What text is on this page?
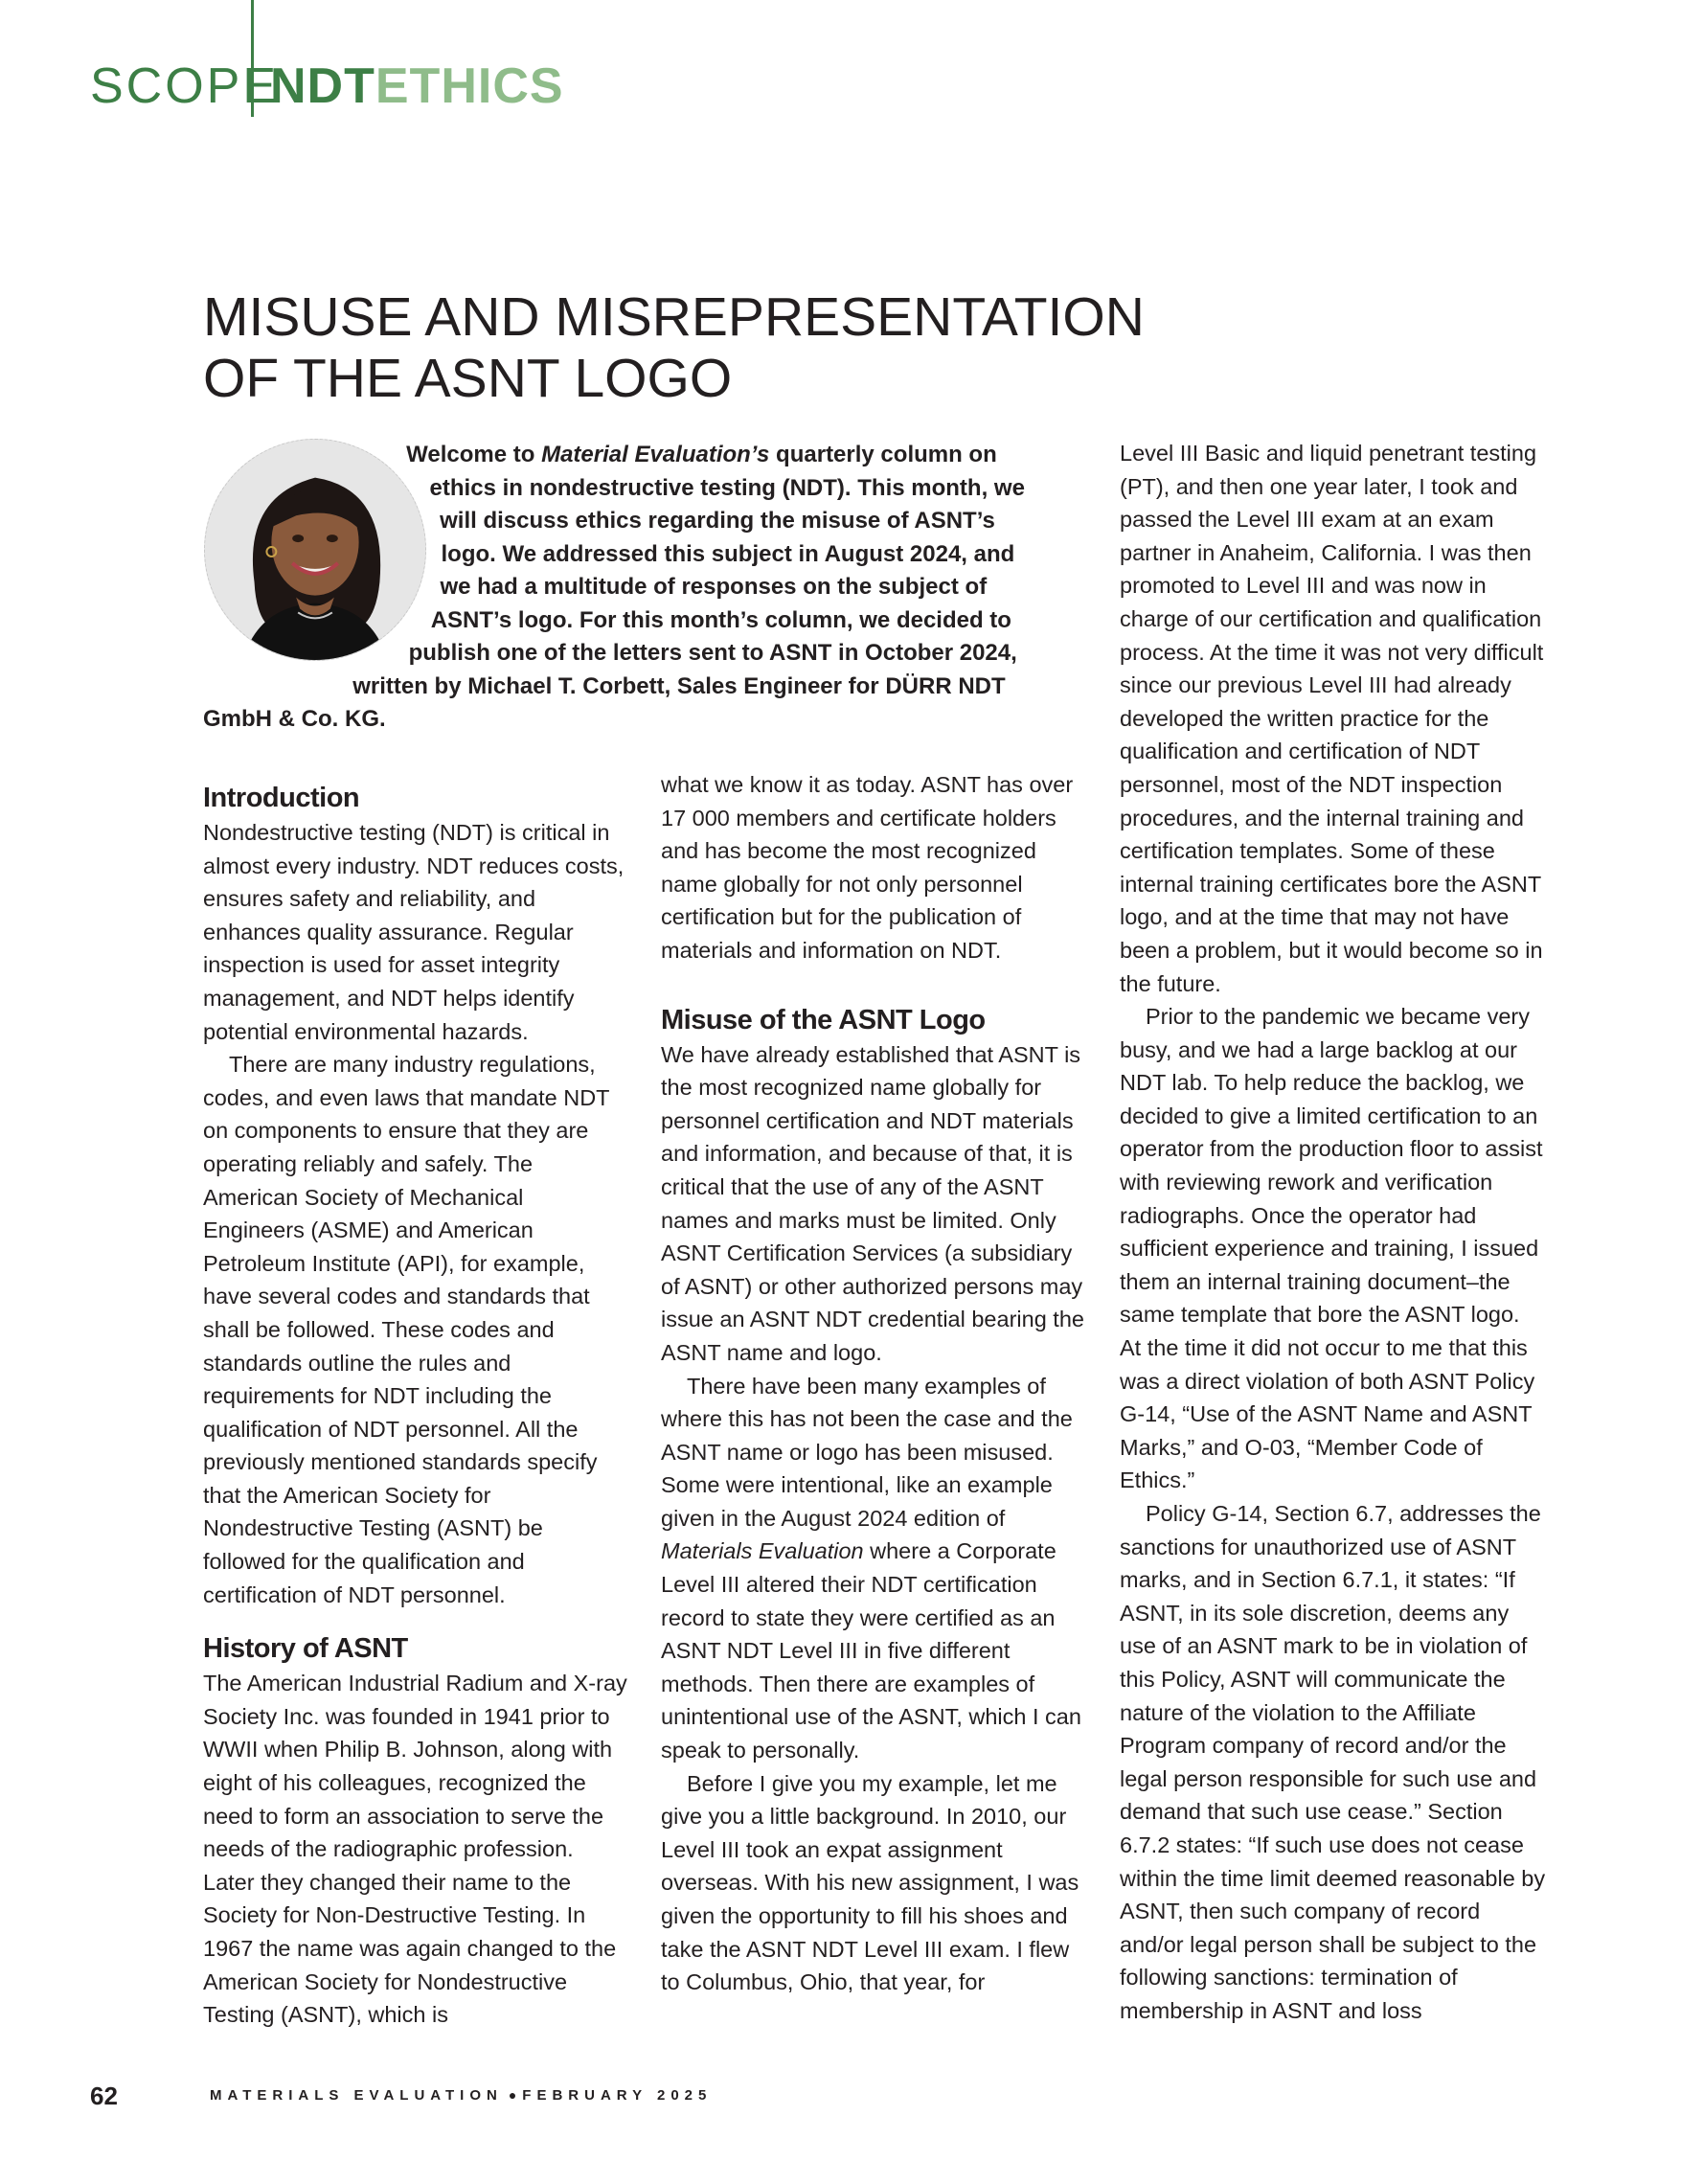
SCOPE
NDTETHICS
MISUSE AND MISREPRESENTATION
OF THE ASNT LOGO
Welcome to Material Evaluation’s quarterly column on ethics in nondestructive testing (NDT). This month, we will discuss ethics regarding the misuse of ASNT’s logo. We addressed this subject in August 2024, and we had a multitude of responses on the subject of ASNT’s logo. For this month’s column, we decided to publish one of the letters sent to ASNT in October 2024, written by Michael T. Corbett, Sales Engineer for DÜRR NDT GmbH & Co. KG.
Introduction

Nondestructive testing (NDT) is critical in almost every industry. NDT reduces costs, ensures safety and reliability, and enhances quality assurance. Regular inspection is used for asset integrity management, and NDT helps identify potential environmental hazards.

There are many industry regulations, codes, and even laws that mandate NDT on components to ensure that they are operating reliably and safely. The American Society of Mechanical Engineers (ASME) and American Petroleum Institute (API), for example, have several codes and standards that shall be followed. These codes and standards outline the rules and requirements for NDT including the qualification of NDT personnel. All the previously mentioned standards specify that the American Society for Nondestructive Testing (ASNT) be followed for the qualification and certification of NDT personnel.

History of ASNT

The American Industrial Radium and X-ray Society Inc. was founded in 1941 prior to WWII when Philip B. Johnson, along with eight of his colleagues, recognized the need to form an association to serve the needs of the radiographic profession. Later they changed their name to the Society for Non-Destructive Testing. In 1967 the name was again changed to the American Society for Nondestructive Testing (ASNT), which is

what we know it as today. ASNT has over 17 000 members and certificate holders and has become the most recognized name globally for not only personnel certification but for the publication of materials and information on NDT.

Misuse of the ASNT Logo

We have already established that ASNT is the most recognized name globally for personnel certification and NDT materials and information, and because of that, it is critical that the use of any of the ASNT names and marks must be limited. Only ASNT Certification Services (a subsidiary of ASNT) or other authorized persons may issue an ASNT NDT credential bearing the ASNT name and logo.

There have been many examples of where this has not been the case and the ASNT name or logo has been misused. Some were intentional, like an example given in the August 2024 edition of Materials Evaluation where a Corporate Level III altered their NDT certification record to state they were certified as an ASNT NDT Level III in five different methods. Then there are examples of unintentional use of the ASNT, which I can speak to personally.

Before I give you my example, let me give you a little background. In 2010, our Level III took an expat assignment overseas. With his new assignment, I was given the opportunity to fill his shoes and take the ASNT NDT Level III exam. I flew to Columbus, Ohio, that year, for

Level III Basic and liquid penetrant testing (PT), and then one year later, I took and passed the Level III exam at an exam partner in Anaheim, California. I was then promoted to Level III and was now in charge of our certification and qualification process. At the time it was not very difficult since our previous Level III had already developed the written practice for the qualification and certification of NDT personnel, most of the NDT inspection procedures, and the internal training and certification templates. Some of these internal training certificates bore the ASNT logo, and at the time that may not have been a problem, but it would become so in the future.

Prior to the pandemic we became very busy, and we had a large backlog at our NDT lab. To help reduce the backlog, we decided to give a limited certification to an operator from the production floor to assist with reviewing rework and verification radiographs. Once the operator had sufficient experience and training, I issued them an internal training document–the same template that bore the ASNT logo. At the time it did not occur to me that this was a direct violation of both ASNT Policy G-14, “Use of the ASNT Name and ASNT Marks,” and O-03, “Member Code of Ethics.”

Policy G-14, Section 6.7, addresses the sanctions for unauthorized use of ASNT marks, and in Section 6.7.1, it states: “If ASNT, in its sole discretion, deems any use of an ASNT mark to be in violation of this Policy, ASNT will communicate the nature of the violation to the Affiliate Program company of record and/or the legal person responsible for such use and demand that such use cease.” Section 6.7.2 states: “If such use does not cease within the time limit deemed reasonable by ASNT, then such company of record and/or legal person shall be subject to the following sanctions: termination of membership in ASNT and loss

62	MATERIALS EVALUATION ● FEBRUARY 2025
